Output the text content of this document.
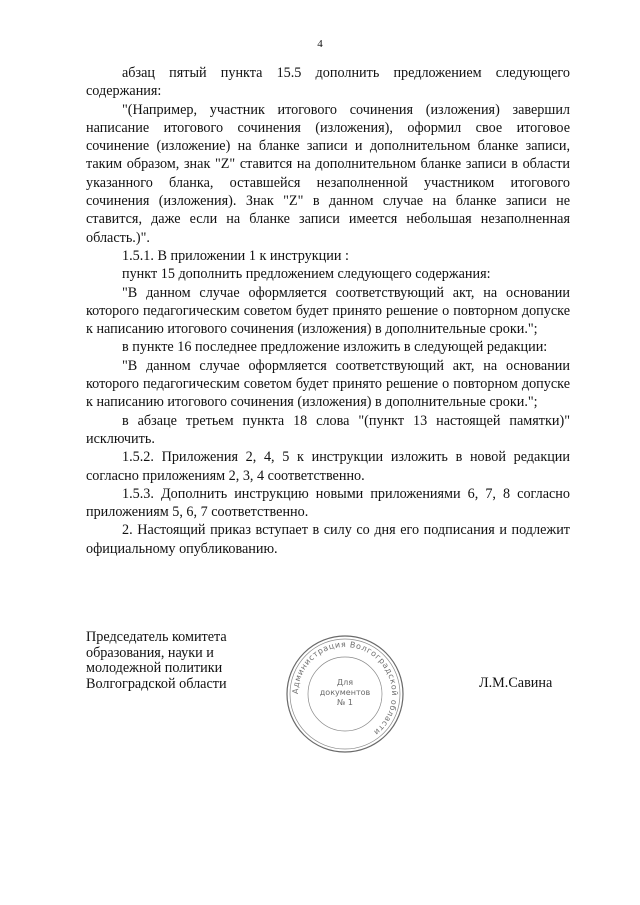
4

абзац пятый пункта 15.5 дополнить предложением следующего содержания:

"(Например, участник итогового сочинения (изложения) завершил написание итогового сочинения (изложения), оформил свое итоговое сочинение (изложение) на бланке записи и дополнительном бланке записи, таким образом, знак "Z" ставится на дополнительном бланке записи в области указанного бланка, оставшейся незаполненной участником итогового сочинения (изложения). Знак "Z" в данном случае на бланке записи не ставится, даже если на бланке записи имеется небольшая незаполненная область.)".

1.5.1. В приложении 1 к инструкции :

пункт 15 дополнить предложением следующего содержания:

"В данном случае оформляется соответствующий акт, на основании которого педагогическим советом будет принято решение о повторном допуске к написанию итогового сочинения (изложения) в дополнительные сроки.";

в пункте 16 последнее предложение изложить в следующей редакции:

"В данном случае оформляется соответствующий акт, на основании которого педагогическим советом будет принято решение о повторном допуске к написанию итогового сочинения (изложения) в дополнительные сроки.";

в абзаце третьем пункта 18 слова "(пункт 13 настоящей памятки)" исключить.

1.5.2. Приложения 2, 4, 5 к инструкции изложить в новой редакции согласно приложениям 2, 3, 4 соответственно.

1.5.3. Дополнить инструкцию новыми приложениями 6, 7, 8 согласно приложениям 5, 6, 7 соответственно.

2. Настоящий приказ вступает в силу со дня его подписания и подлежит официальному опубликованию.

Председатель комитета
образования, науки и
молодежной политики
Волгоградской области	Администрация Волгоградской области
Для
документов
№ 1
Л.М.Савина
